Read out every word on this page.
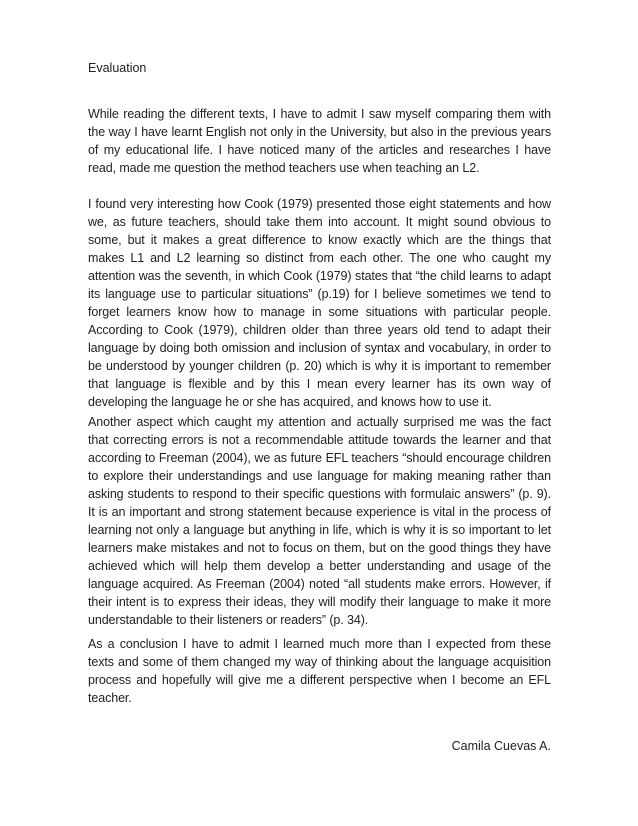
Evaluation

While reading the different texts, I have to admit I saw myself comparing them with the way I have learnt English not only in the University, but also in the previous years of my educational life. I have noticed many of the articles and researches I have read, made me question the method teachers use when teaching an L2.

I found very interesting how Cook (1979) presented those eight statements and how we, as future teachers, should take them into account. It might sound obvious to some, but it makes a great difference to know exactly which are the things that makes L1 and L2 learning so distinct from each other. The one who caught my attention was the seventh, in which Cook (1979) states that “the child learns to adapt its language use to particular situations” (p.19) for I believe sometimes we tend to forget learners know how to manage in some situations with particular people. According to Cook (1979), children older than three years old tend to adapt their language by doing both omission and inclusion of syntax and vocabulary, in order to be understood by younger children (p. 20) which is why it is important to remember that language is flexible and by this I mean every learner has its own way of developing the language he or she has acquired, and knows how to use it.

Another aspect which caught my attention and actually surprised me was the fact that correcting errors is not a recommendable attitude towards the learner and that according to Freeman (2004), we as future EFL teachers “should encourage children to explore their understandings and use language for making meaning rather than asking students to respond to their specific questions with formulaic answers” (p. 9). It is an important and strong statement because experience is vital in the process of learning not only a language but anything in life, which is why it is so important to let learners make mistakes and not to focus on them, but on the good things they have achieved which will help them develop a better understanding and usage of the language acquired. As Freeman (2004) noted “all students make errors. However, if their intent is to express their ideas, they will modify their language to make it more understandable to their listeners or readers” (p. 34).

As a conclusion I have to admit I learned much more than I expected from these texts and some of them changed my way of thinking about the language acquisition process and hopefully will give me a different perspective when I become an EFL teacher.

Camila Cuevas A.
